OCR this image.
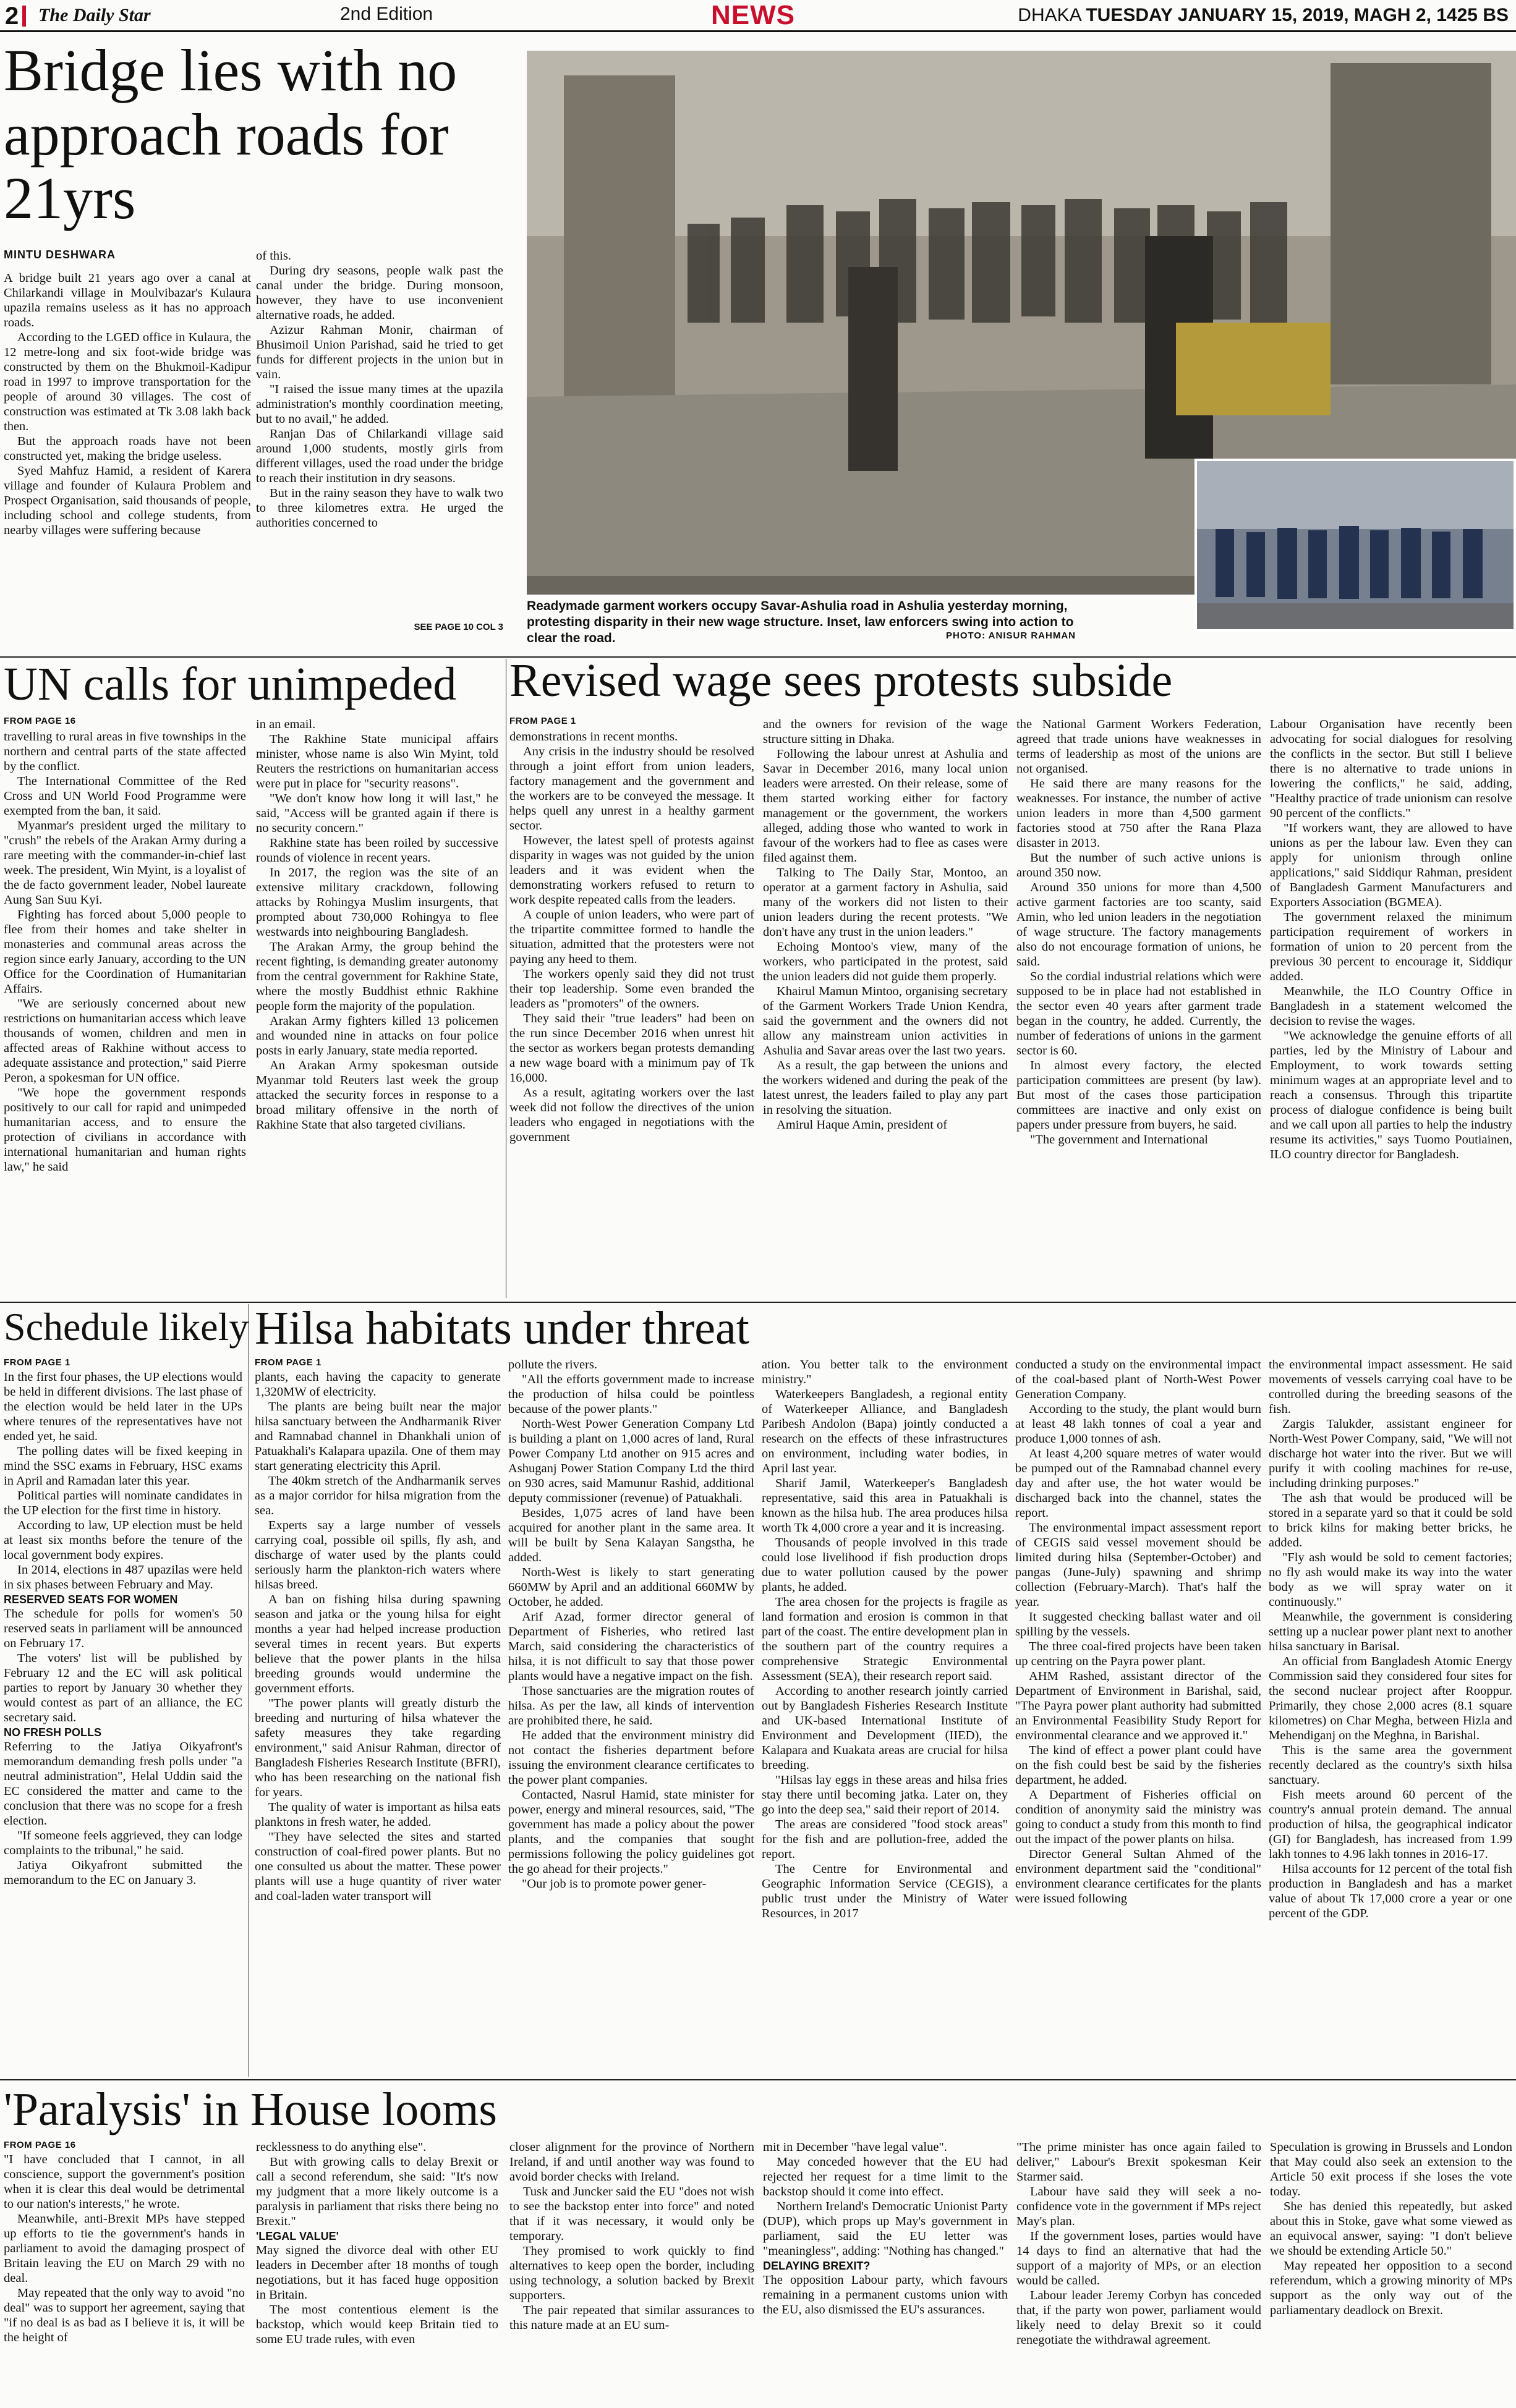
2	The Daily Star	2nd Edition	NEWS	DHAKA TUESDAY JANUARY 15, 2019, MAGH 2, 1425 BS
Bridge lies with no approach roads for 21yrs
MINTU DESHWARA

A bridge built 21 years ago over a canal at Chilarkandi village in Moulvibazar's Kulaura upazila remains useless as it has no approach roads.

According to the LGED office in Kulaura, the 12 metre-long and six foot-wide bridge was constructed by them on the Bhukmoil-Kadipur road in 1997 to improve transportation for the people of around 30 villages. The cost of construction was estimated at Tk 3.08 lakh back then.

But the approach roads have not been constructed yet, making the bridge useless.

Syed Mahfuz Hamid, a resident of Karera village and founder of Kulaura Problem and Prospect Organisation, said thousands of people, including school and college students, from nearby villages were suffering because

of this.

During dry seasons, people walk past the canal under the bridge. During monsoon, however, they have to use inconvenient alternative roads, he added.

Azizur Rahman Monir, chairman of Bhusimoil Union Parishad, said he tried to get funds for different projects in the union but in vain.

"I raised the issue many times at the upazila administration's monthly coordination meeting, but to no avail," he added.

Ranjan Das of Chilarkandi village said around 1,000 students, mostly girls from different villages, used the road under the bridge to reach their institution in dry seasons.

But in the rainy season they have to walk two to three kilometres extra. He urged the authorities concerned to

SEE PAGE 10 COL 3
Readymade garment workers occupy Savar-Ashulia road in Ashulia yesterday morning, protesting disparity in their new wage structure. Inset, law enforcers swing into action to clear the road.	PHOTO: ANISUR RAHMAN
UN calls for unimpeded
FROM PAGE 16

travelling to rural areas in five townships in the northern and central parts of the state affected by the conflict.

The International Committee of the Red Cross and UN World Food Programme were exempted from the ban, it said.

Myanmar's president urged the military to "crush" the rebels of the Arakan Army during a rare meeting with the commander-in-chief last week. The president, Win Myint, is a loyalist of the de facto government leader, Nobel laureate Aung San Suu Kyi.

Fighting has forced about 5,000 people to flee from their homes and take shelter in monasteries and communal areas across the region since early January, according to the UN Office for the Coordination of Humanitarian Affairs.

"We are seriously concerned about new restrictions on humanitarian access which leave thousands of women, children and men in affected areas of Rakhine without access to adequate assistance and protection," said Pierre Peron, a spokesman for UN office.

"We hope the government responds positively to our call for rapid and unimpeded humanitarian access, and to ensure the protection of civilians in accordance with international humanitarian and human rights law," he said

in an email.

The Rakhine State municipal affairs minister, whose name is also Win Myint, told Reuters the restrictions on humanitarian access were put in place for "security reasons".

"We don't know how long it will last," he said, "Access will be granted again if there is no security concern."

Rakhine state has been roiled by successive rounds of violence in recent years.

In 2017, the region was the site of an extensive military crackdown, following attacks by Rohingya Muslim insurgents, that prompted about 730,000 Rohingya to flee westwards into neighbouring Bangladesh.

The Arakan Army, the group behind the recent fighting, is demanding greater autonomy from the central government for Rakhine State, where the mostly Buddhist ethnic Rakhine people form the majority of the population.

Arakan Army fighters killed 13 policemen and wounded nine in attacks on four police posts in early January, state media reported.

An Arakan Army spokesman outside Myanmar told Reuters last week the group attacked the security forces in response to a broad military offensive in the north of Rakhine State that also targeted civilians.

Revised wage sees protests subside
FROM PAGE 1

demonstrations in recent months.

Any crisis in the industry should be resolved through a joint effort from union leaders, factory management and the government and the workers are to be conveyed the message. It helps quell any unrest in a healthy garment sector.

However, the latest spell of protests against disparity in wages was not guided by the union leaders and it was evident when the demonstrating workers refused to return to work despite repeated calls from the leaders.

A couple of union leaders, who were part of the tripartite committee formed to handle the situation, admitted that the protesters were not paying any heed to them.

The workers openly said they did not trust their top leadership. Some even branded the leaders as "promoters" of the owners.

They said their "true leaders" had been on the run since December 2016 when unrest hit the sector as workers began protests demanding a new wage board with a minimum pay of Tk 16,000.

As a result, agitating workers over the last week did not follow the directives of the union leaders who engaged in negotiations with the government

and the owners for revision of the wage structure sitting in Dhaka.

Following the labour unrest at Ashulia and Savar in December 2016, many local union leaders were arrested. On their release, some of them started working either for factory management or the government, the workers alleged, adding those who wanted to work in favour of the workers had to flee as cases were filed against them.

Talking to The Daily Star, Montoo, an operator at a garment factory in Ashulia, said many of the workers did not listen to their union leaders during the recent protests. "We don't have any trust in the union leaders."

Echoing Montoo's view, many of the workers, who participated in the protest, said the union leaders did not guide them properly.

Khairul Mamun Mintoo, organising secretary of the Garment Workers Trade Union Kendra, said the government and the owners did not allow any mainstream union activities in Ashulia and Savar areas over the last two years.

As a result, the gap between the unions and the workers widened and during the peak of the latest unrest, the leaders failed to play any part in resolving the situation.

Amirul Haque Amin, president of

the National Garment Workers Federation, agreed that trade unions have weaknesses in terms of leadership as most of the unions are not organised.

He said there are many reasons for the weaknesses. For instance, the number of active union leaders in more than 4,500 garment factories stood at 750 after the Rana Plaza disaster in 2013.

But the number of such active unions is around 350 now.

Around 350 unions for more than 4,500 active garment factories are too scanty, said Amin, who led union leaders in the negotiation of wage structure. The factory managements also do not encourage formation of unions, he said.

So the cordial industrial relations which were supposed to be in place had not established in the sector even 40 years after garment trade began in the country, he added. Currently, the number of federations of unions in the garment sector is 60.

In almost every factory, the elected participation committees are present (by law). But most of the cases those participation committees are inactive and only exist on papers under pressure from buyers, he said.

"The government and International

Labour Organisation have recently been advocating for social dialogues for resolving the conflicts in the sector. But still I believe there is no alternative to trade unions in lowering the conflicts," he said, adding, "Healthy practice of trade unionism can resolve 90 percent of the conflicts."

"If workers want, they are allowed to have unions as per the labour law. Even they can apply for unionism through online applications," said Siddiqur Rahman, president of Bangladesh Garment Manufacturers and Exporters Association (BGMEA).

The government relaxed the minimum participation requirement of workers in formation of union to 20 percent from the previous 30 percent to encourage it, Siddiqur added.

Meanwhile, the ILO Country Office in Bangladesh in a statement welcomed the decision to revise the wages.

"We acknowledge the genuine efforts of all parties, led by the Ministry of Labour and Employment, to work towards setting minimum wages at an appropriate level and to reach a consensus. Through this tripartite process of dialogue confidence is being built and we call upon all parties to help the industry resume its activities," says Tuomo Poutiainen, ILO country director for Bangladesh.

Schedule likely
FROM PAGE 1

In the first four phases, the UP elections would be held in different divisions. The last phase of the election would be held later in the UPs where tenures of the representatives have not ended yet, he said.

The polling dates will be fixed keeping in mind the SSC exams in February, HSC exams in April and Ramadan later this year.

Political parties will nominate candidates in the UP election for the first time in history.

According to law, UP election must be held at least six months before the tenure of the local government body expires.

In 2014, elections in 487 upazilas were held in six phases between February and May.

RESERVED SEATS FOR WOMEN

The schedule for polls for women's 50 reserved seats in parliament will be announced on February 17.

The voters' list will be published by February 12 and the EC will ask political parties to report by January 30 whether they would contest as part of an alliance, the EC secretary said.

NO FRESH POLLS

Referring to the Jatiya Oikyafront's memorandum demanding fresh polls under "a neutral administration", Helal Uddin said the EC considered the matter and came to the conclusion that there was no scope for a fresh election.

"If someone feels aggrieved, they can lodge complaints to the tribunal," he said.

Jatiya Oikyafront submitted the memorandum to the EC on January 3.

Hilsa habitats under threat
FROM PAGE 1

plants, each having the capacity to generate 1,320MW of electricity.

The plants are being built near the major hilsa sanctuary between the Andharmanik River and Ramnabad channel in Dhankhali union of Patuakhali's Kalapara upazila. One of them may start generating electricity this April.

The 40km stretch of the Andharmanik serves as a major corridor for hilsa migration from the sea.

Experts say a large number of vessels carrying coal, possible oil spills, fly ash, and discharge of water used by the plants could seriously harm the plankton-rich waters where hilsas breed.

A ban on fishing hilsa during spawning season and jatka or the young hilsa for eight months a year had helped increase production several times in recent years. But experts believe that the power plants in the hilsa breeding grounds would undermine the government efforts.

"The power plants will greatly disturb the breeding and nurturing of hilsa whatever the safety measures they take regarding environment," said Anisur Rahman, director of Bangladesh Fisheries Research Institute (BFRI), who has been researching on the national fish for years.

The quality of water is important as hilsa eats planktons in fresh water, he added.

"They have selected the sites and started construction of coal-fired power plants. But no one consulted us about the matter. These power plants will use a huge quantity of river water and coal-laden water transport will

pollute the rivers.

"All the efforts government made to increase the production of hilsa could be pointless because of the power plants."

North-West Power Generation Company Ltd is building a plant on 1,000 acres of land, Rural Power Company Ltd another on 915 acres and Ashuganj Power Station Company Ltd the third on 930 acres, said Mamunur Rashid, additional deputy commissioner (revenue) of Patuakhali.

Besides, 1,075 acres of land have been acquired for another plant in the same area. It will be built by Sena Kalayan Sangstha, he added.

North-West is likely to start generating 660MW by April and an additional 660MW by October, he added.

Arif Azad, former director general of Department of Fisheries, who retired last March, said considering the characteristics of hilsa, it is not difficult to say that those power plants would have a negative impact on the fish.

Those sanctuaries are the migration routes of hilsa. As per the law, all kinds of intervention are prohibited there, he said.

He added that the environment ministry did not contact the fisheries department before issuing the environment clearance certificates to the power plant companies.

Contacted, Nasrul Hamid, state minister for power, energy and mineral resources, said, "The government has made a policy about the power plants, and the companies that sought permissions following the policy guidelines got the go ahead for their projects."

"Our job is to promote power gener-

ation. You better talk to the environment ministry."

Waterkeepers Bangladesh, a regional entity of Waterkeeper Alliance, and Bangladesh Paribesh Andolon (Bapa) jointly conducted a research on the effects of these infrastructures on environment, including water bodies, in April last year.

Sharif Jamil, Waterkeeper's Bangladesh representative, said this area in Patuakhali is known as the hilsa hub. The area produces hilsa worth Tk 4,000 crore a year and it is increasing.

Thousands of people involved in this trade could lose livelihood if fish production drops due to water pollution caused by the power plants, he added.

The area chosen for the projects is fragile as land formation and erosion is common in that part of the coast. The entire development plan in the southern part of the country requires a comprehensive Strategic Environmental Assessment (SEA), their research report said.

According to another research jointly carried out by Bangladesh Fisheries Research Institute and UK-based International Institute of Environment and Development (IIED), the Kalapara and Kuakata areas are crucial for hilsa breeding.

"Hilsas lay eggs in these areas and hilsa fries stay there until becoming jatka. Later on, they go into the deep sea," said their report of 2014.

The areas are considered "food stock areas" for the fish and are pollution-free, added the report.

The Centre for Environmental and Geographic Information Service (CEGIS), a public trust under the Ministry of Water Resources, in 2017

conducted a study on the environmental impact of the coal-based plant of North-West Power Generation Company.

According to the study, the plant would burn at least 48 lakh tonnes of coal a year and produce 1,000 tonnes of ash.

At least 4,200 square metres of water would be pumped out of the Ramnabad channel every day and after use, the hot water would be discharged back into the channel, states the report.

The environmental impact assessment report of CEGIS said vessel movement should be limited during hilsa (September-October) and pangas (June-July) spawning and shrimp collection (February-March). That's half the year.

It suggested checking ballast water and oil spilling by the vessels.

The three coal-fired projects have been taken up centring on the Payra power plant.

AHM Rashed, assistant director of the Department of Environment in Barishal, said, "The Payra power plant authority had submitted an Environmental Feasibility Study Report for environmental clearance and we approved it."

The kind of effect a power plant could have on the fish could best be said by the fisheries department, he added.

A Department of Fisheries official on condition of anonymity said the ministry was going to conduct a study from this month to find out the impact of the power plants on hilsa.

Director General Sultan Ahmed of the environment department said the "conditional" environment clearance certificates for the plants were issued following

the environmental impact assessment. He said movements of vessels carrying coal have to be controlled during the breeding seasons of the fish.

Zargis Talukder, assistant engineer for North-West Power Company, said, "We will not discharge hot water into the river. But we will purify it with cooling machines for re-use, including drinking purposes."

The ash that would be produced will be stored in a separate yard so that it could be sold to brick kilns for making better bricks, he added.

"Fly ash would be sold to cement factories; no fly ash would make its way into the water body as we will spray water on it continuously."

Meanwhile, the government is considering setting up a nuclear power plant next to another hilsa sanctuary in Barisal.

An official from Bangladesh Atomic Energy Commission said they considered four sites for the second nuclear project after Rooppur. Primarily, they chose 2,000 acres (8.1 square kilometres) on Char Megha, between Hizla and Mehendiganj on the Meghna, in Barishal.

This is the same area the government recently declared as the country's sixth hilsa sanctuary.

Fish meets around 60 percent of the country's annual protein demand. The annual production of hilsa, the geographical indicator (GI) for Bangladesh, has increased from 1.99 lakh tonnes to 4.96 lakh tonnes in 2016-17.

Hilsa accounts for 12 percent of the total fish production in Bangladesh and has a market value of about Tk 17,000 crore a year or one percent of the GDP.

'Paralysis' in House looms
FROM PAGE 16

"I have concluded that I cannot, in all conscience, support the government's position when it is clear this deal would be detrimental to our nation's interests," he wrote.

Meanwhile, anti-Brexit MPs have stepped up efforts to tie the government's hands in parliament to avoid the damaging prospect of Britain leaving the EU on March 29 with no deal.

May repeated that the only way to avoid "no deal" was to support her agreement, saying that "if no deal is as bad as I believe it is, it will be the height of

recklessness to do anything else".

But with growing calls to delay Brexit or call a second referendum, she said: "It's now my judgment that a more likely outcome is a paralysis in parliament that risks there being no Brexit."

'LEGAL VALUE'

May signed the divorce deal with other EU leaders in December after 18 months of tough negotiations, but it has faced huge opposition in Britain.

The most contentious element is the backstop, which would keep Britain tied to some EU trade rules, with even

closer alignment for the province of Northern Ireland, if and until another way was found to avoid border checks with Ireland.

Tusk and Juncker said the EU "does not wish to see the backstop enter into force" and noted that if it was necessary, it would only be temporary.

They promised to work quickly to find alternatives to keep open the border, including using technology, a solution backed by Brexit supporters.

The pair repeated that similar assurances to this nature made at an EU sum-

mit in December "have legal value".

May conceded however that the EU had rejected her request for a time limit to the backstop should it come into effect.

Northern Ireland's Democratic Unionist Party (DUP), which props up May's government in parliament, said the EU letter was "meaningless", adding: "Nothing has changed."

DELAYING BREXIT?

The opposition Labour party, which favours remaining in a permanent customs union with the EU, also dismissed the EU's assurances.

"The prime minister has once again failed to deliver," Labour's Brexit spokesman Keir Starmer said.

Labour have said they will seek a no-confidence vote in the government if MPs reject May's plan.

If the government loses, parties would have 14 days to find an alternative that had the support of a majority of MPs, or an election would be called.

Labour leader Jeremy Corbyn has conceded that, if the party won power, parliament would likely need to delay Brexit so it could renegotiate the withdrawal agreement.

Speculation is growing in Brussels and London that May could also seek an extension to the Article 50 exit process if she loses the vote today.

She has denied this repeatedly, but asked about this in Stoke, gave what some viewed as an equivocal answer, saying: "I don't believe we should be extending Article 50."

May repeated her opposition to a second referendum, which a growing minority of MPs support as the only way out of the parliamentary deadlock on Brexit.
